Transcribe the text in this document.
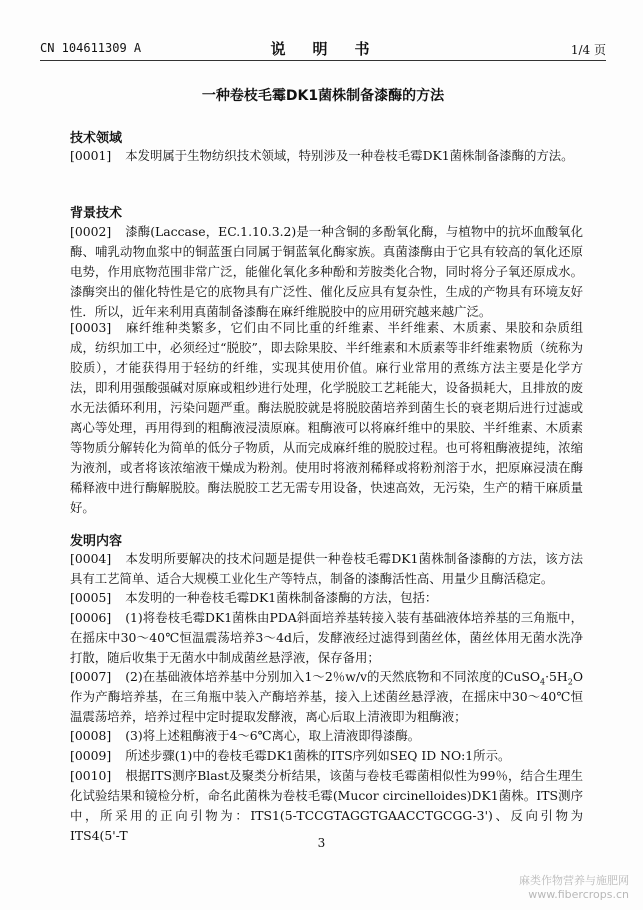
CN 104611309 A	说　明　书	1/4 页
一种卷枝毛霉DK1菌株制备漆酶的方法
技术领域
[0001] 本发明属于生物纺织技术领域，特别涉及一种卷枝毛霉DK1菌株制备漆酶的方法。
背景技术
[0002] 漆酶(Laccase，EC.1.10.3.2)是一种含铜的多酚氧化酶，与植物中的抗坏血酸氧化酶、哺乳动物血浆中的铜蓝蛋白同属于铜蓝氧化酶家族。真菌漆酶由于它具有较高的氧化还原电势，作用底物范围非常广泛，能催化氧化多种酚和芳胺类化合物，同时将分子氧还原成水。漆酶突出的催化特性是它的底物具有广泛性、催化反应具有复杂性，生成的产物具有环境友好性．所以，近年来利用真菌制备漆酶在麻纤维脱胶中的应用研究越来越广泛。
[0003] 麻纤维种类繁多，它们由不同比重的纤维素、半纤维素、木质素、果胶和杂质组成，纺织加工中，必须经过“脱胶”，即去除果胶、半纤维素和木质素等非纤维素物质（统称为胶质），才能获得用于轻纺的纤维，实现其使用价值。麻行业常用的煮练方法主要是化学方法，即利用强酸强碱对原麻或粗纱进行处理，化学脱胶工艺耗能大，设备损耗大，且排放的废水无法循环利用，污染问题严重。酶法脱胶就是将脱胶菌培养到菌生长的衰老期后进行过滤或离心等处理，再用得到的粗酶液浸渍原麻。粗酶液可以将麻纤维中的果胶、半纤维素、木质素等物质分解转化为简单的低分子物质，从而完成麻纤维的脱胶过程。也可将粗酶液提纯，浓缩为液剂，或者将该浓缩液干燥成为粉剂。使用时将液剂稀释或将粉剂溶于水，把原麻浸渍在酶稀释液中进行酶解脱胶。酶法脱胶工艺无需专用设备，快速高效，无污染，生产的精干麻质量好。
发明内容
[0004] 本发明所要解决的技术问题是提供一种卷枝毛霉DK1菌株制备漆酶的方法，该方法具有工艺简单、适合大规模工业化生产等特点，制备的漆酶活性高、用量少且酶活稳定。
[0005] 本发明的一种卷枝毛霉DK1菌株制备漆酶的方法，包括：
[0006] (1)将卷枝毛霉DK1菌株由PDA斜面培养基转接入装有基础液体培养基的三角瓶中，在摇床中30～40℃恒温震荡培养3～4d后，发酵液经过滤得到菌丝体，菌丝体用无菌水洗净打散，随后收集于无菌水中制成菌丝悬浮液，保存备用；
[0007] (2)在基础液体培养基中分别加入1～2％w/v的天然底物和不同浓度的$CuSO_4\cdot 5H_2O$作为产酶培养基，在三角瓶中装入产酶培养基，接入上述菌丝悬浮液，在摇床中30～40℃恒温震荡培养，培养过程中定时提取发酵液，离心后取上清液即为粗酶液；
[0008] (3)将上述粗酶液于4～6℃离心，取上清液即得漆酶。
[0009] 所述步骤(1)中的卷枝毛霉DK1菌株的ITS序列如SEQ ID NO:1所示。
[0010] 根据ITS测序Blast及聚类分析结果，该菌与卷枝毛霉菌相似性为99％，结合生理生化试验结果和镜检分析，命名此菌株为卷枝毛霉(Mucor circinelloides)DK1菌株。ITS测序中，所采用的正向引物为：ITS1(5-TCCGTAGGTGAACCTGCGG-3')、反向引物为ITS4(5'-T	3
麻类作物营养与施肥网
www.fibercrops.cn
